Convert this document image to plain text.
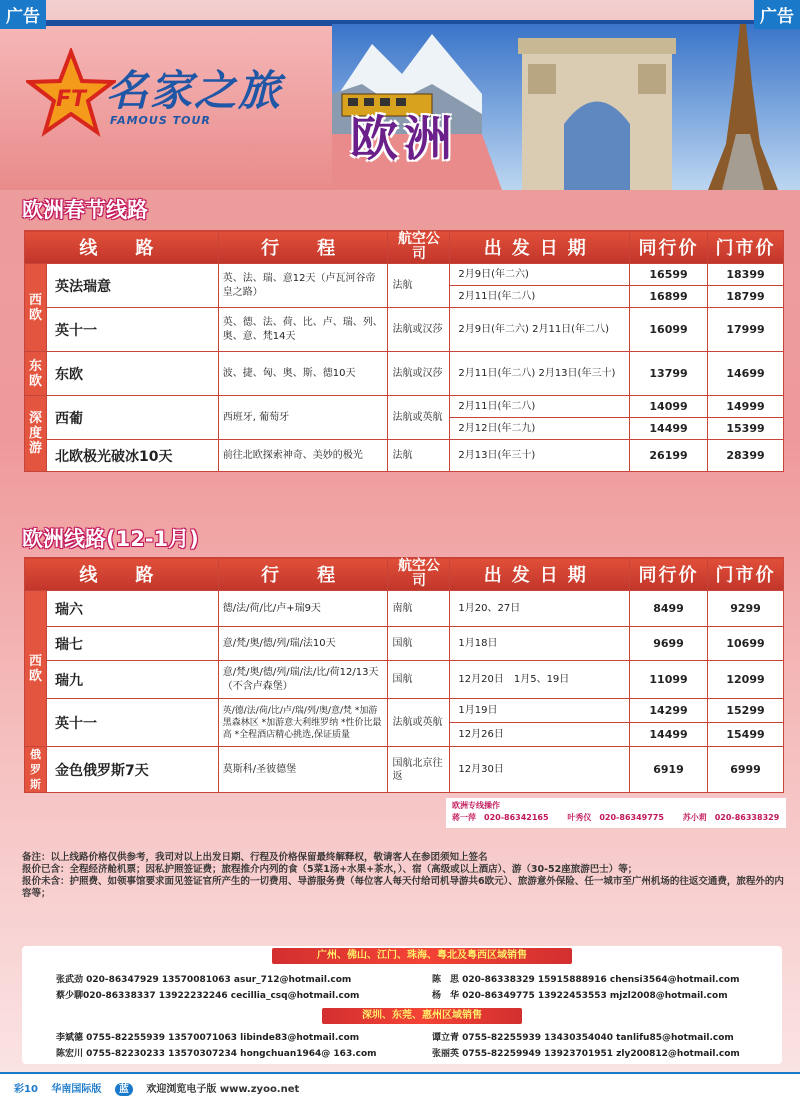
广告	广告
FT 名家之旅
FAMOUS TOUR	欧洲
欧洲春节线路
线　路		行　程	航空公司	出发日期	同行价	门市价
西欧	英法瑞意	英、法、瑞、意12天（卢瓦河谷帝皇之路）	法航	2月9日(年二六)	16599	18399
				2月11日(年二八)	16899	18799
	英十一	英、德、法、荷、比、卢、瑞、列、奥、意、梵14天	法航或汉莎	2月9日(年二六) 2月11日(年二八)	16099	17999
东欧	东欧	波、捷、匈、奥、斯、德10天	法航或汉莎	2月11日(年二八) 2月13日(年三十)	13799	14699
深度游	西葡	西班牙, 葡萄牙	法航或英航	2月11日(年二八)	14099	14999
				2月12日(年二九)	14499	15399
	北欧极光破冰10天	前往北欧探索神奇、美妙的极光	法航	2月13日(年三十)	26199	28399
欧洲线路(12-1月)
线　路		行　程	航空公司	出发日期	同行价	门市价
西欧	瑞六	德/法/荷/比/卢+瑞9天	南航	1月20、27日	8499	9299
	瑞七	意/梵/奥/德/列/瑞/法10天	国航	1月18日	9699	10699
	瑞九	意/梵/奥/德/列/瑞/法/比/荷12/13天（不含卢森堡）	国航	12月20日　1月5、19日	11099	12099
	英十一	英/德/法/荷/比/卢/瑞/列/奥/意/梵 *加游黑森林区 *加游意大利维罗纳 *性价比最高 *全程酒店精心挑选,保证质量	法航或英航	1月19日	14299	15299
				12月26日	14499	15499
俄罗斯	金色俄罗斯7天	莫斯科/圣彼德堡	国航北京往返	12月30日	6919	6999
欧洲专线操作
蒋一萍　020-86342165　　 叶秀仪　020-86349775　　 苏小莉　020-86338329
备注：以上线路价格仅供参考，我司对以上出发日期、行程及价格保留最终解释权，敬请客人在参团须知上签名
报价已含：全程经济舱机票；因私护照签证费；旅程推介内列的食（5菜1汤+水果+茶水，）、宿（高级或以上酒店）、游（30-52座旅游巴士）等；
报价未含：护照费、如领事馆要求面见签证官所产生的一切费用、导游服务费（每位客人每天付给司机导游共6欧元）、旅游意外保险、任一城市至广州机场的往返交通费，旅程外的内容等；
广州、佛山、江门、珠海、粤北及粤西区域销售
张武劲 020-86347929 13570081063 asur_712@hotmail.com	陈　思 020-86338329 15915888916 chensi3564@hotmail.com
蔡少聊020-86338337 13922232246 cecillia_csq@hotmail.com	杨　华 020-86349775 13922453553 mjzl2008@hotmail.com
深圳、东莞、惠州区域销售
李斌德 0755-82255939 13570071063 libinde83@hotmail.com	谭立青 0755-82255939 13430354040 tanlifu85@hotmail.com
陈宏川 0755-82230233 13570307234 hongchuan1964@ 163.com	张丽英 0755-82259949 13923701951 zly200812@hotmail.com
彩10　 华南国际版　 蓝　 欢迎浏览电子版 www.zyoo.net
